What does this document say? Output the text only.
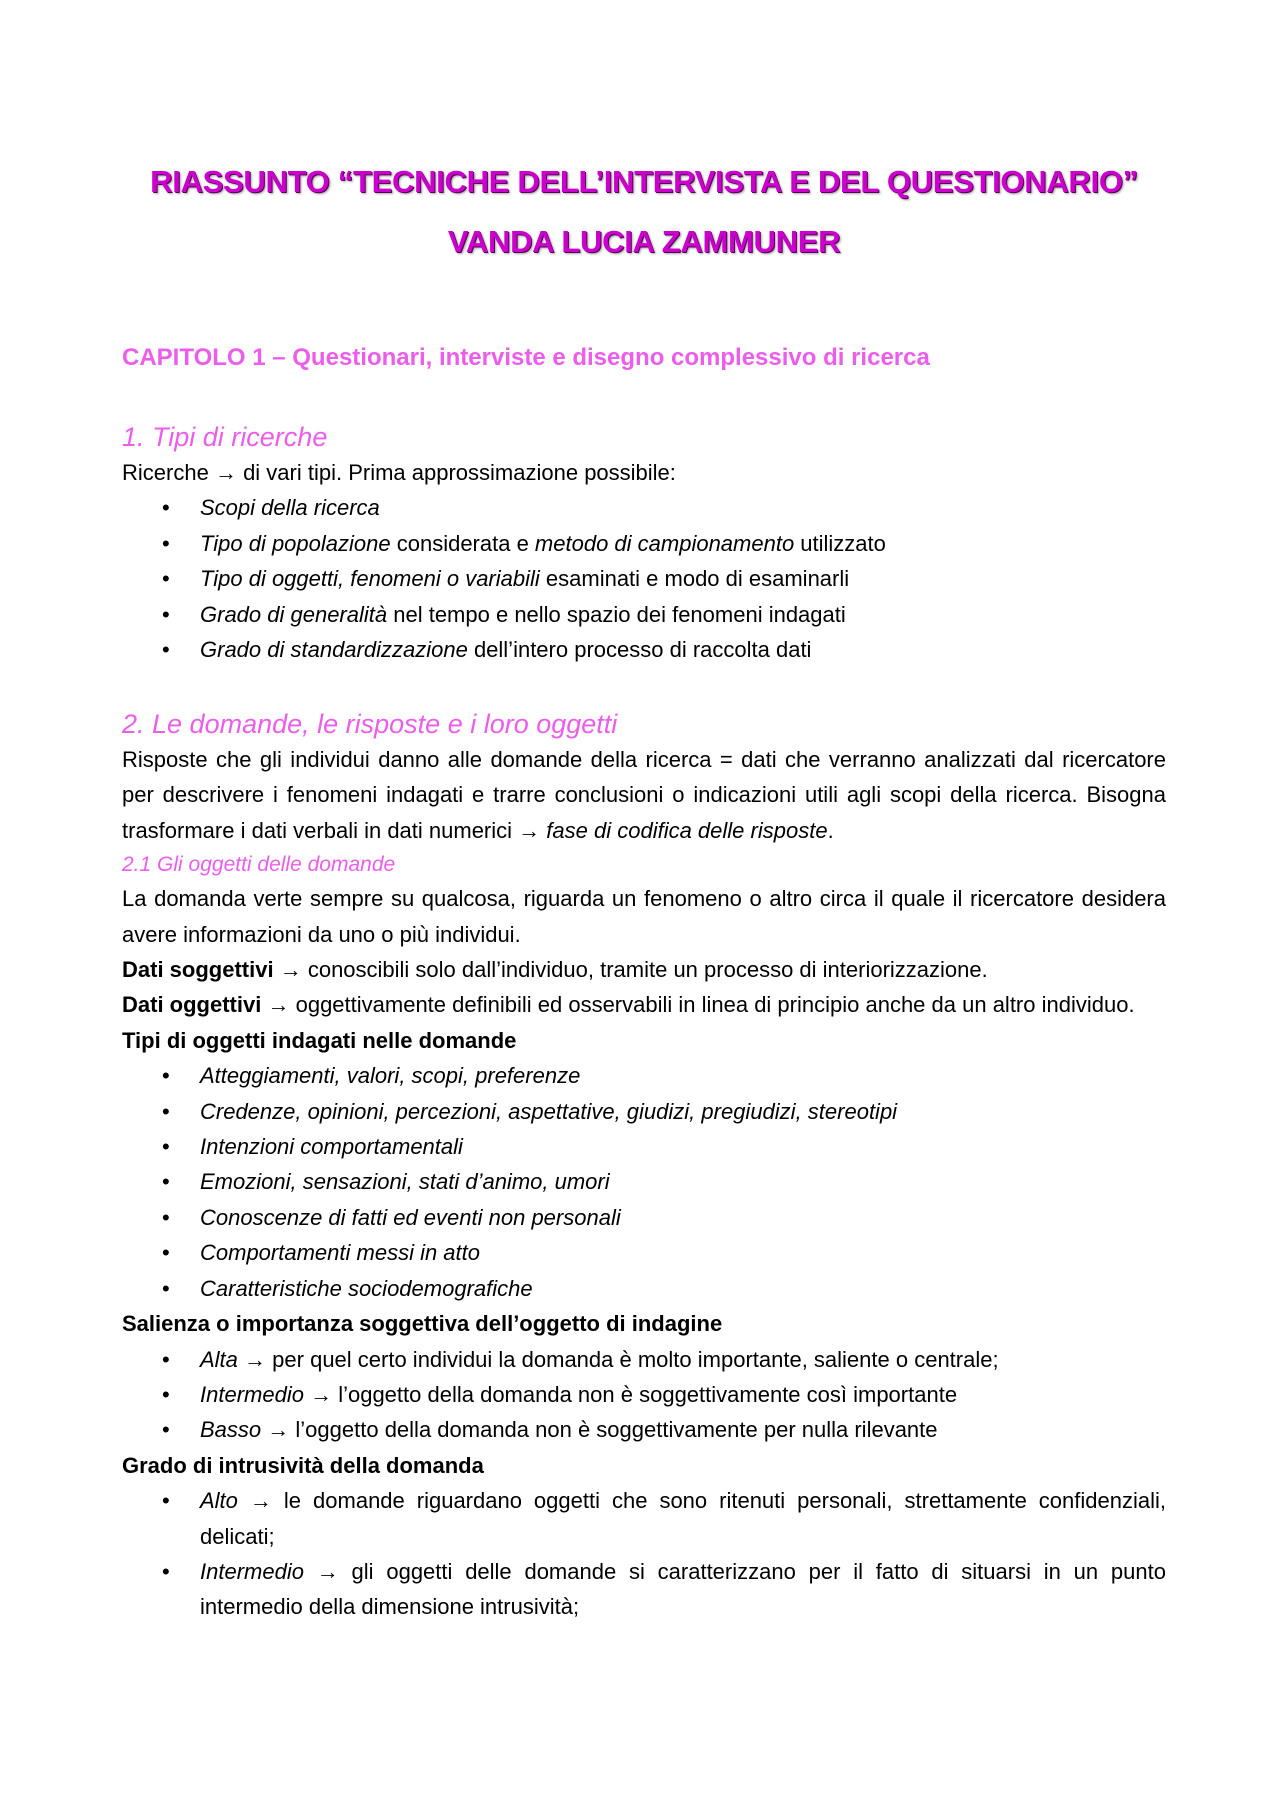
RIASSUNTO “TECNICHE DELL’INTERVISTA E DEL QUESTIONARIO”
VANDA LUCIA ZAMMUNER
CAPITOLO 1 – Questionari, interviste e disegno complessivo di ricerca
1. Tipi di ricerche

Ricerche → di vari tipi. Prima approssimazione possibile:

• Scopi della ricerca
• Tipo di popolazione considerata e metodo di campionamento utilizzato
• Tipo di oggetti, fenomeni o variabili esaminati e modo di esaminarli
• Grado di generalità nel tempo e nello spazio dei fenomeni indagati
• Grado di standardizzazione dell’intero processo di raccolta dati
2. Le domande, le risposte e i loro oggetti

Risposte che gli individui danno alle domande della ricerca = dati che verranno analizzati dal ricercatore per descrivere i fenomeni indagati e trarre conclusioni o indicazioni utili agli scopi della ricerca. Bisogna trasformare i dati verbali in dati numerici → fase di codifica delle risposte.

2.1 Gli oggetti delle domande

La domanda verte sempre su qualcosa, riguarda un fenomeno o altro circa il quale il ricercatore desidera avere informazioni da uno o più individui.

Dati soggettivi → conoscibili solo dall’individuo, tramite un processo di interiorizzazione.

Dati oggettivi → oggettivamente definibili ed osservabili in linea di principio anche da un altro individuo.

Tipi di oggetti indagati nelle domande

• Atteggiamenti, valori, scopi, preferenze
• Credenze, opinioni, percezioni, aspettative, giudizi, pregiudizi, stereotipi
• Intenzioni comportamentali
• Emozioni, sensazioni, stati d’animo, umori
• Conoscenze di fatti ed eventi non personali
• Comportamenti messi in atto
• Caratteristiche sociodemografiche

Salienza o importanza soggettiva dell’oggetto di indagine

• Alta → per quel certo individui la domanda è molto importante, saliente o centrale;
• Intermedio → l’oggetto della domanda non è soggettivamente così importante
• Basso → l’oggetto della domanda non è soggettivamente per nulla rilevante

Grado di intrusività della domanda

• Alto → le domande riguardano oggetti che sono ritenuti personali, strettamente confidenziali, delicati;
• Intermedio → gli oggetti delle domande si caratterizzano per il fatto di situarsi in un punto intermedio della dimensione intrusività;
